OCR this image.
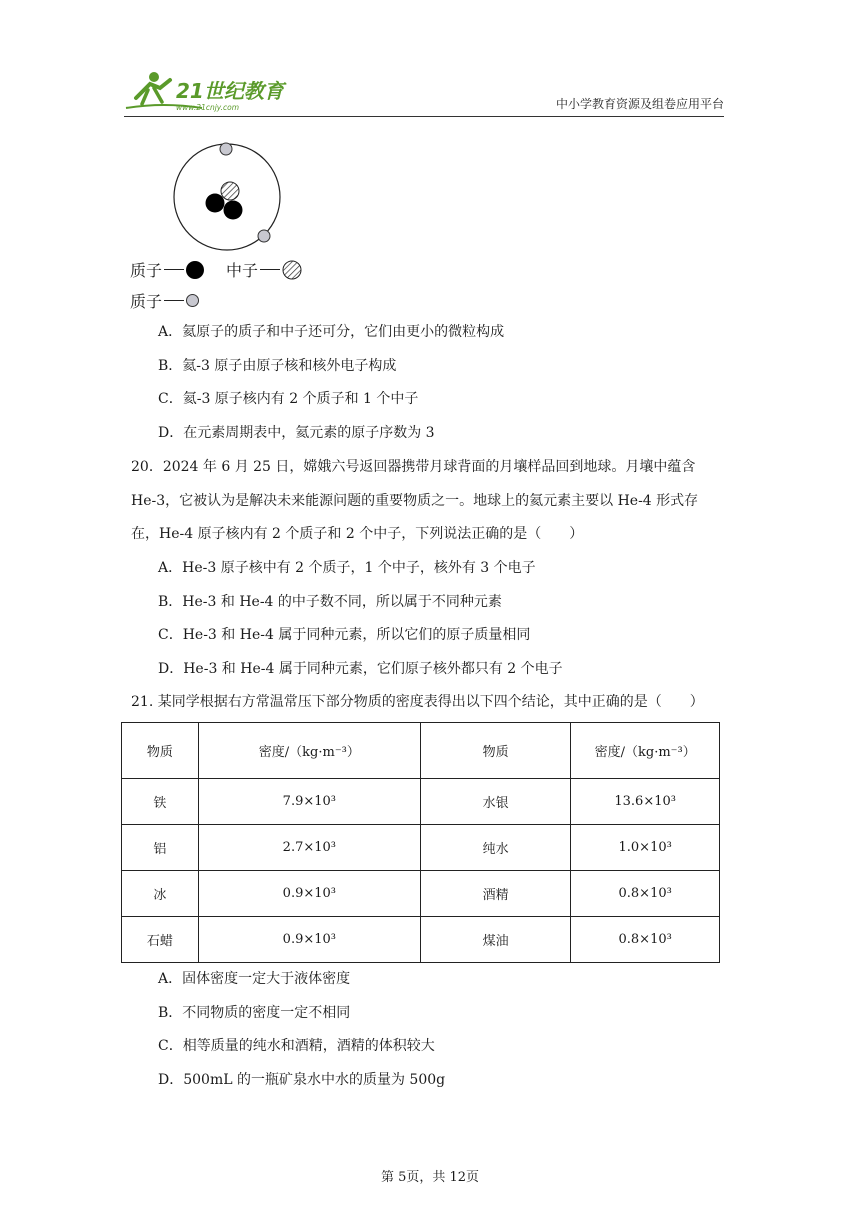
21世纪教育
www.21cnjy.com	中小学教育资源及组卷应用平台
质子	中子
质子
A．氦原子的质子和中子还可分，它们由更小的微粒构成
B．氦-3 原子由原子核和核外电子构成
C．氦-3 原子核内有 2 个质子和 1 个中子
D．在元素周期表中，氦元素的原子序数为 3
20．2024 年 6 月 25 日，嫦娥六号返回器携带月球背面的月壤样品回到地球。月壤中蕴含
He-3，它被认为是解决未来能源问题的重要物质之一。地球上的氦元素主要以 He-4 形式存
在，He-4 原子核内有 2 个质子和 2 个中子，下列说法正确的是（　　）
A．He-3 原子核中有 2 个质子，1 个中子，核外有 3 个电子
B．He-3 和 He-4 的中子数不同，所以属于不同种元素
C．He-3 和 He-4 属于同种元素，所以它们的原子质量相同
D．He-3 和 He-4 属于同种元素，它们原子核外都只有 2 个电子
21. 某同学根据右方常温常压下部分物质的密度表得出以下四个结论，其中正确的是（　　）
物质	密度/（kg·m⁻³）	物质	密度/（kg·m⁻³）
铁	7.9×10³	水银	13.6×10³
铝	2.7×10³	纯水	1.0×10³
冰	0.9×10³	酒精	0.8×10³
石蜡	0.9×10³	煤油	0.8×10³
A．固体密度一定大于液体密度
B．不同物质的密度一定不相同
C．相等质量的纯水和酒精，酒精的体积较大
D．500mL 的一瓶矿泉水中水的质量为 500g
第 5页，共 12页
